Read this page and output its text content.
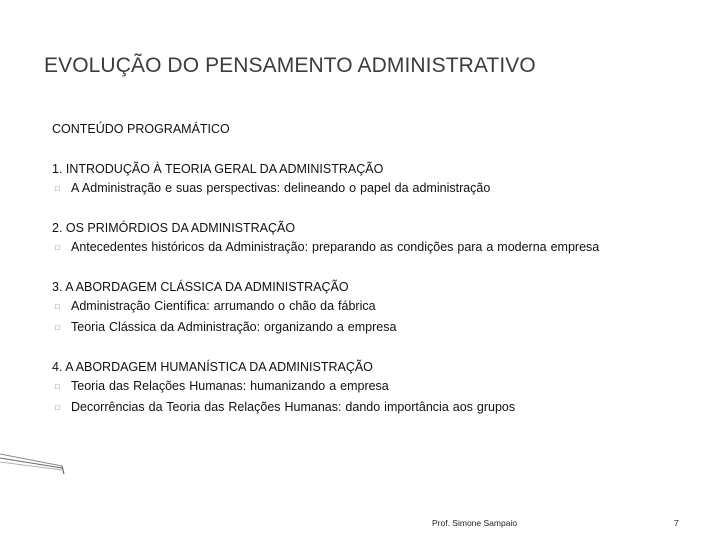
EVOLUÇÃO DO PENSAMENTO ADMINISTRATIVO

CONTEÚDO PROGRAMÁTICO

1. INTRODUÇÃO À TEORIA GERAL DA ADMINISTRAÇÃO

□ A Administração e suas perspectivas: delineando o papel da administração

2. OS PRIMÓRDIOS DA ADMINISTRAÇÃO

□ Antecedentes históricos da Administração: preparando as condições para a moderna empresa

3. A ABORDAGEM CLÁSSICA DA ADMINISTRAÇÃO

□ Administração Científica: arrumando o chão da fábrica
□ Teoria Clássica da Administração: organizando a empresa

4. A ABORDAGEM HUMANÍSTICA DA ADMINISTRAÇÃO

□ Teoria das Relações Humanas: humanizando a empresa
□ Decorrências da Teoria das Relações Humanas: dando importância aos grupos
Prof. Simone Sampaio	7
